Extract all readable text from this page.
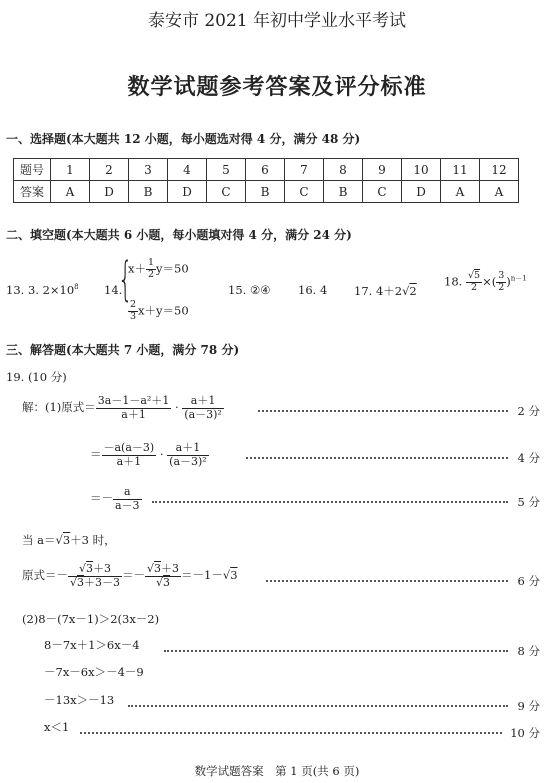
泰安市 2021 年初中学业水平考试
数学试题参考答案及评分标准
一、选择题(本大题共 12 小题，每小题选对得 4 分，满分 48 分)
题号	1	2	3	4	5	6	7	8	9	10	11	12
答案	A	D	B	D	C	B	C	B	C	D	A	A
二、填空题(本大题共 6 小题，每小题填对得 4 分，满分 24 分)
13. 3. $2\times 10^8$ 14.
{
$x+ \frac{1}{2} y=50$
$\frac{2}{3} x+y=50$
15. ②④ 16. 4 17. 4＋2√2
18. $\frac{√5}{2}$ ×( $\frac{3}{2} )^{n-1}$
三、解答题(本大题共 7 小题，满分 78 分)
19. (10 分)
解：(1)原式＝ $\frac{\text{3a－1－a²＋1}}{a+1} \cdot \frac{a+1}{\text{(a－3)²}}$	2 分
＝ $\frac{-a(a-3)}{a+1} \cdot \frac{a+1}{\text{(a－3)²}}$	4 分
＝－ $\frac{a}{a-3}$	5 分
当 a＝√3＋3 时，
原式＝－ $\frac{√3+3}{√3+3-3} =- \frac{√3+3}{√3} =-1-√3$	6 分
(2)8－(7x－1)＞2(3x－2)
8－7x＋1＞6x－4	8 分
－7x－6x＞－4－9
－13x＞－13	9 分
x＜1	10 分
数学试题答案　第 1 页(共 6 页)
